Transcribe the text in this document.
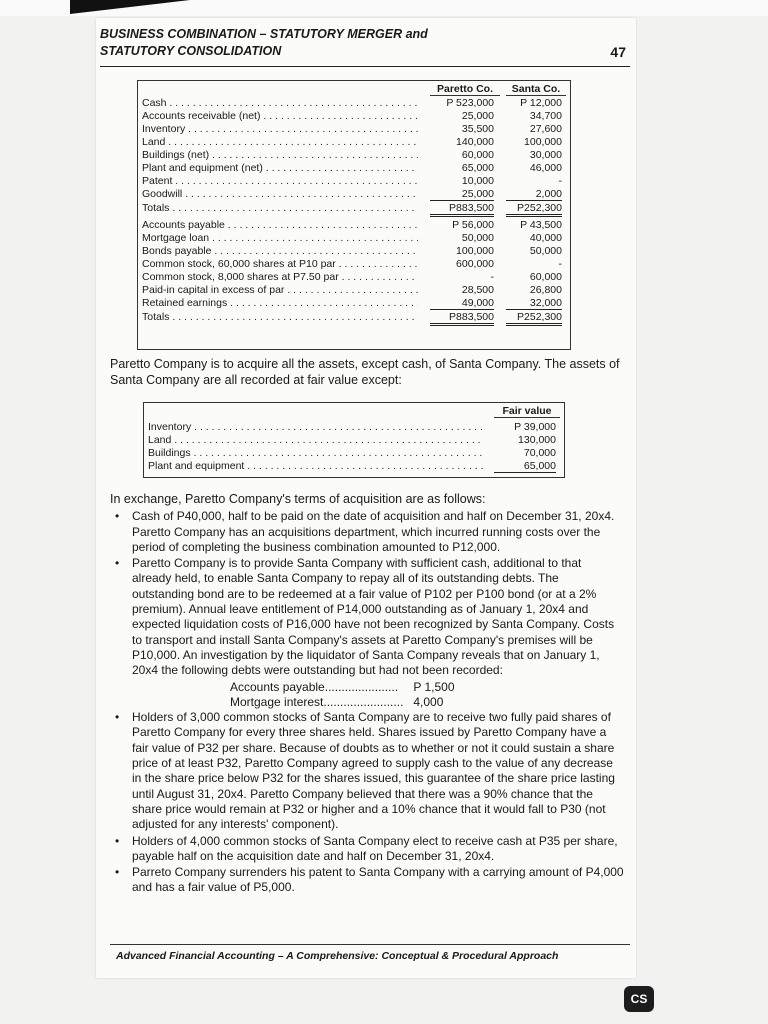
BUSINESS COMBINATION – STATUTORY MERGER and
STATUTORY CONSOLIDATION	47
Paretto Co.	Santa Co.
Cash . . .	P 523,000	P 12,000
Accounts receivable (net) . . .	25,000	34,700
Inventory . . .	35,500	27,600
Land . . .	140,000	100,000
Buildings (net) . . .	60,000	30,000
Plant and equipment (net) . . .	65,000	46,000
Patent . . .	10,000	-
Goodwill . . .	25,000	2,000
Totals . . .	P883,500	P252,300
Accounts payable . . .	P 56,000	P 43,500
Mortgage loan . . .	50,000	40,000
Bonds payable . . .	100,000	50,000
Common stock, 60,000 shares at P10 par . . .	600,000	-
Common stock, 8,000 shares at P7.50 par . . .	-	60,000
Paid-in capital in excess of par . . .	28,500	26,800
Retained earnings . . .	49,000	32,000
Totals . . .	P883,500	P252,300
Paretto Company is to acquire all the assets, except cash, of Santa Company. The assets of Santa Company are all recorded at fair value except:
Fair value
Inventory . . .	P 39,000
Land . . .	130,000
Buildings . . .	70,000
Plant and equipment . . .	65,000

In exchange, Paretto Company's terms of acquisition are as follows:

• Cash of P40,000, half to be paid on the date of acquisition and half on December 31, 20x4. Paretto Company has an acquisitions department, which incurred running costs over the period of completing the business combination amounted to P12,000.
• Paretto Company is to provide Santa Company with sufficient cash, additional to that already held, to enable Santa Company to repay all of its outstanding debts. The outstanding bond are to be redeemed at a fair value of P102 per P100 bond (or at a 2% premium). Annual leave entitlement of P14,000 outstanding as of January 1, 20x4 and expected liquidation costs of P16,000 have not been recognized by Santa Company. Costs to transport and install Santa Company's assets at Paretto Company's premises will be P10,000. An investigation by the liquidator of Santa Company reveals that on January 1, 20x4 the following debts were outstanding but had not been recorded:

Accounts payable...................... P 1,500

Mortgage interest........................ 4,000

• Holders of 3,000 common stocks of Santa Company are to receive two fully paid shares of Paretto Company for every three shares held. Shares issued by Paretto Company have a fair value of P32 per share. Because of doubts as to whether or not it could sustain a share price of at least P32, Paretto Company agreed to supply cash to the value of any decrease in the share price below P32 for the shares issued, this guarantee of the share price lasting until August 31, 20x4. Paretto Company believed that there was a 90% chance that the share price would remain at P32 or higher and a 10% chance that it would fall to P30 (not adjusted for any interests' component).
• Holders of 4,000 common stocks of Santa Company elect to receive cash at P35 per share, payable half on the acquisition date and half on December 31, 20x4.
• Parreto Company surrenders his patent to Santa Company with a carrying amount of P4,000 and has a fair value of P5,000.
Advanced Financial Accounting – A Comprehensive: Conceptual & Procedural Approach
CS
